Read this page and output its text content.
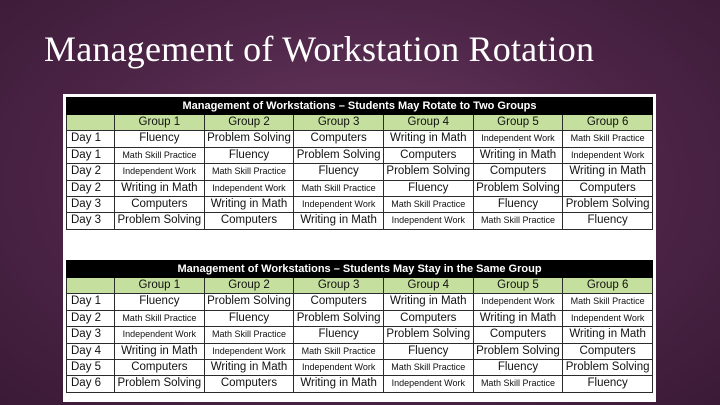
Management of Workstation Rotation
Management of Workstations – Students May Rotate to Two Groups						
	Group 1	Group 2	Group 3	Group 4	Group 5	Group 6
Day 1	Fluency	Problem Solving	Computers	Writing in Math	Independent Work	Math Skill Practice
Day 1	Math Skill Practice	Fluency	Problem Solving	Computers	Writing in Math	Independent Work
Day 2	Independent Work	Math Skill Practice	Fluency	Problem Solving	Computers	Writing in Math
Day 2	Writing in Math	Independent Work	Math Skill Practice	Fluency	Problem Solving	Computers
Day 3	Computers	Writing in Math	Independent Work	Math Skill Practice	Fluency	Problem Solving
Day 3	Problem Solving	Computers	Writing in Math	Independent Work	Math Skill Practice	Fluency
Management of Workstations – Students May Stay in the Same Group						
	Group 1	Group 2	Group 3	Group 4	Group 5	Group 6
Day 1	Fluency	Problem Solving	Computers	Writing in Math	Independent Work	Math Skill Practice
Day 2	Math Skill Practice	Fluency	Problem Solving	Computers	Writing in Math	Independent Work
Day 3	Independent Work	Math Skill Practice	Fluency	Problem Solving	Computers	Writing in Math
Day 4	Writing in Math	Independent Work	Math Skill Practice	Fluency	Problem Solving	Computers
Day 5	Computers	Writing in Math	Independent Work	Math Skill Practice	Fluency	Problem Solving
Day 6	Problem Solving	Computers	Writing in Math	Independent Work	Math Skill Practice	Fluency
